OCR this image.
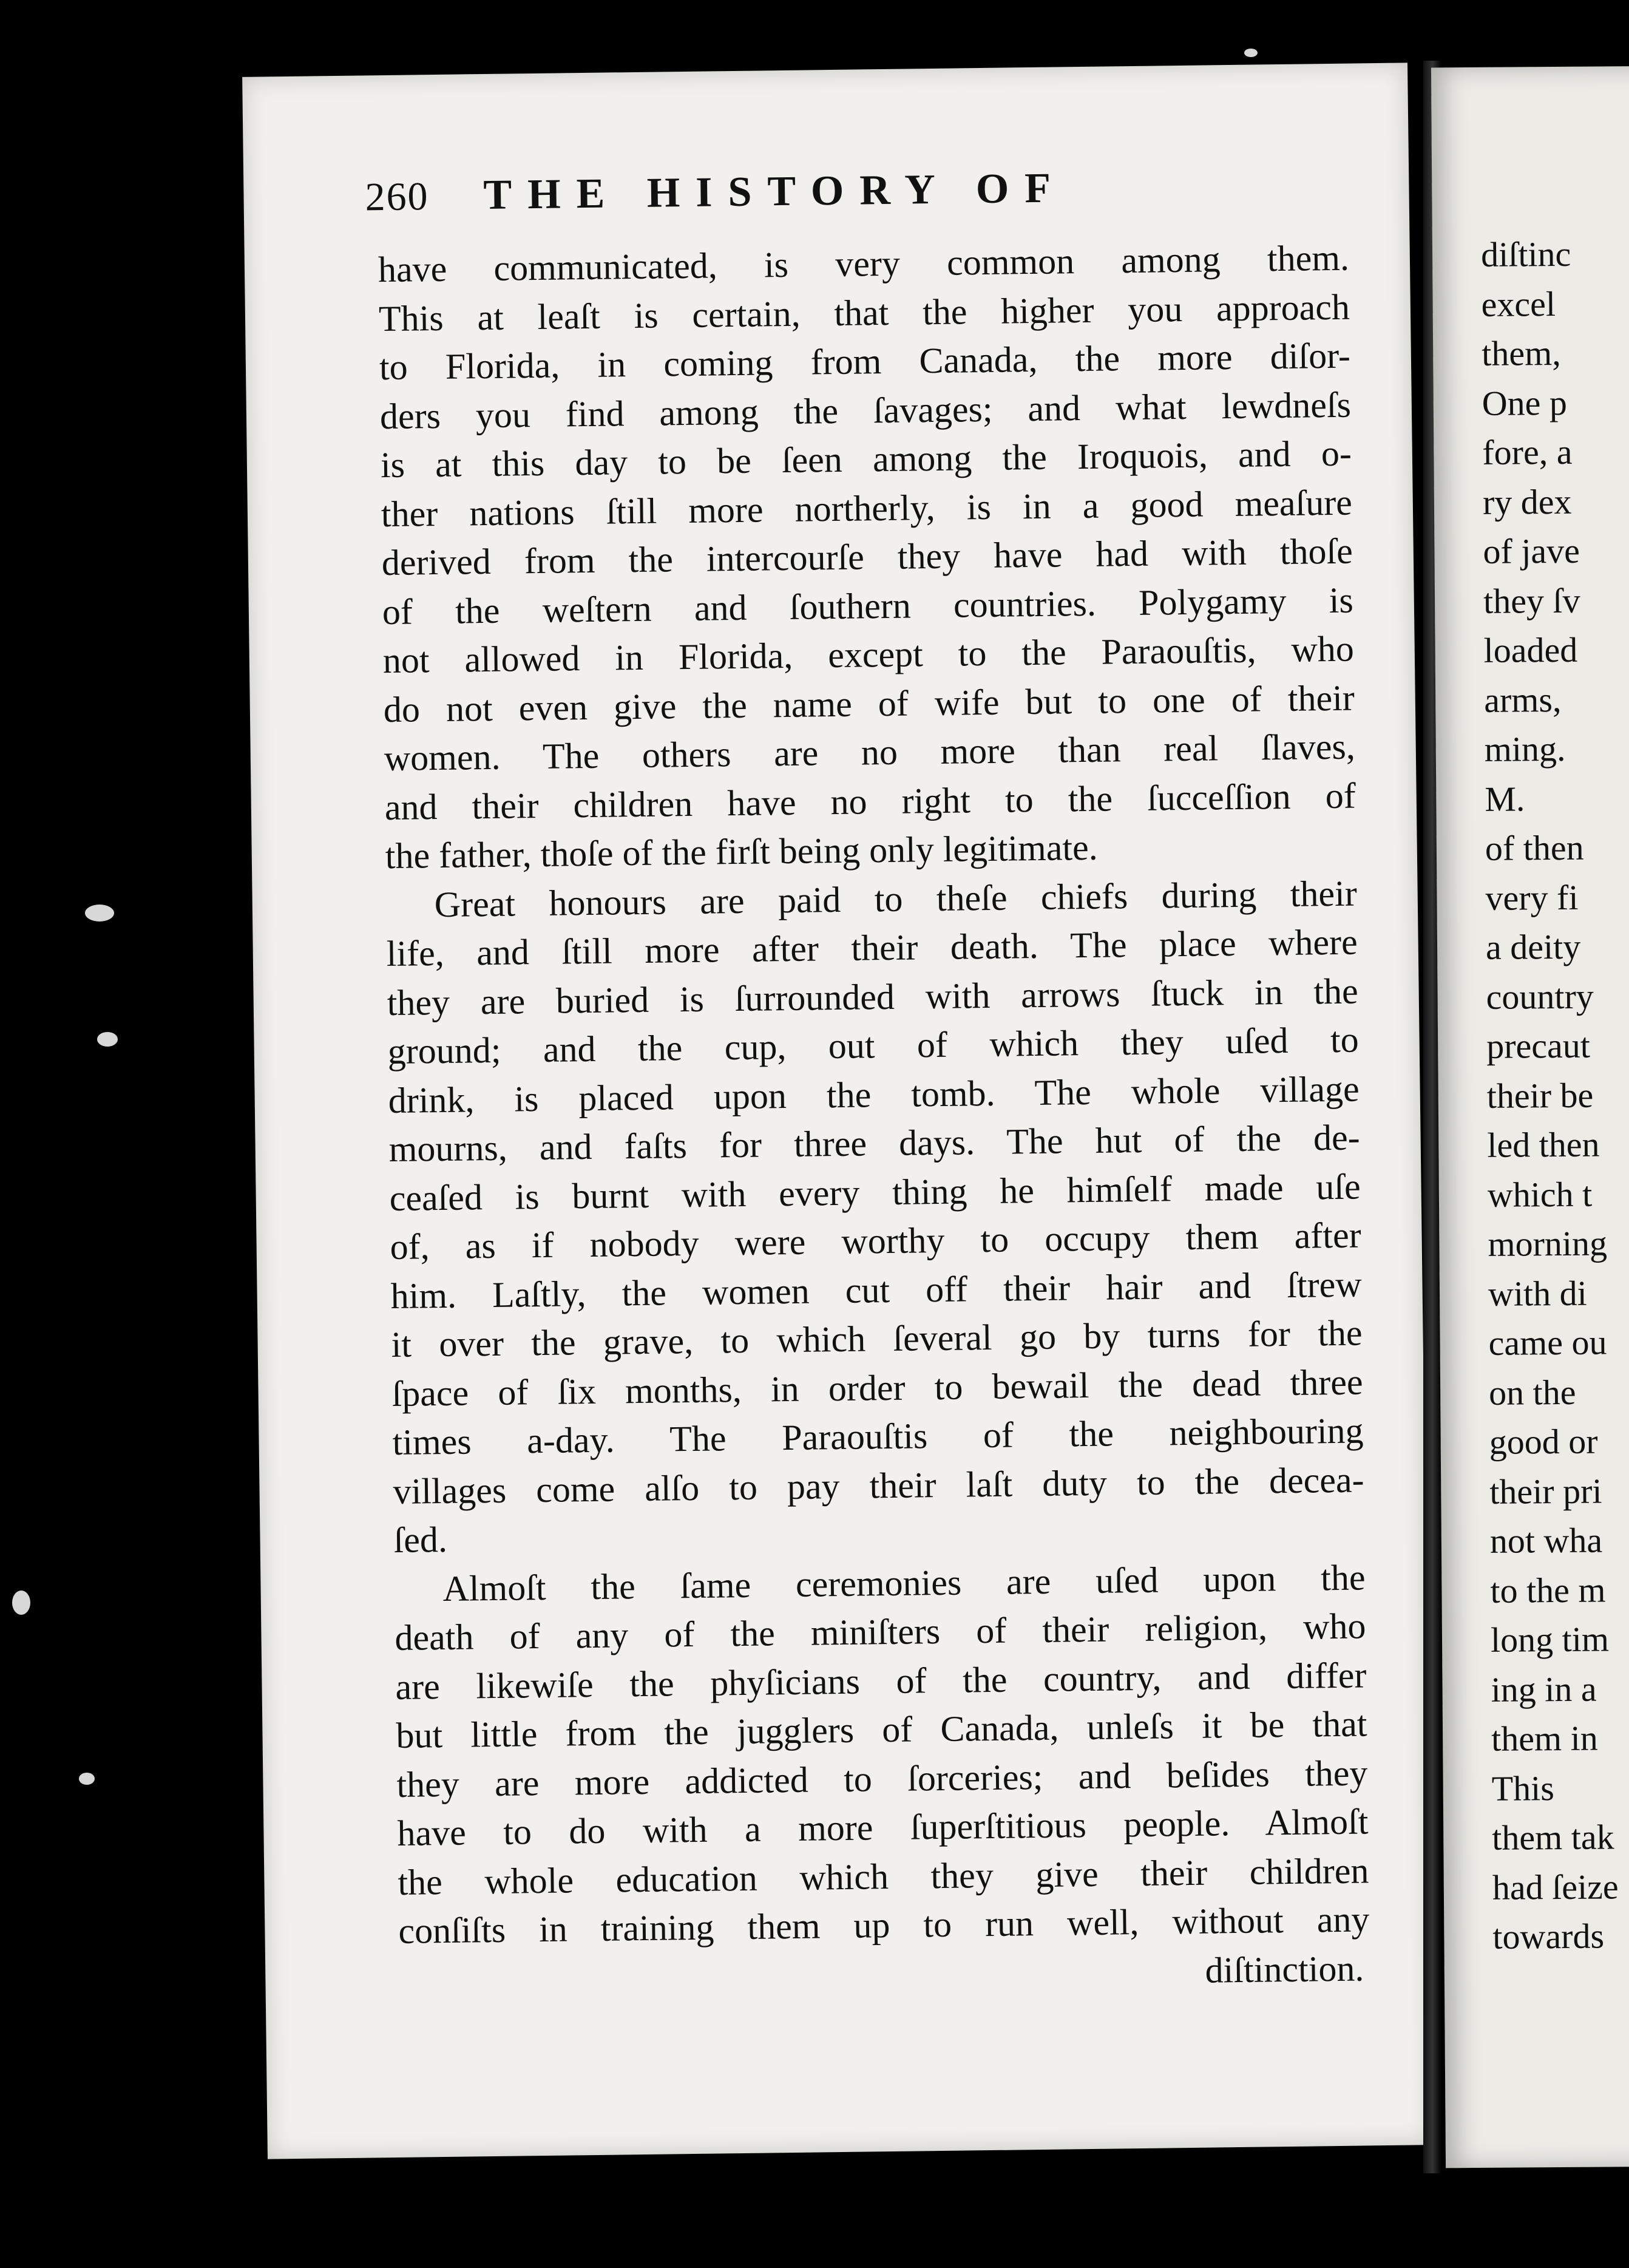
260 THE HISTORY OF

have communicated, is very common among them.
This at leaſt is certain, that the higher you approach
to Florida, in coming from Canada, the more diſor-
ders you find among the ſavages; and what lewdneſs
is at this day to be ſeen among the Iroquois, and o-
ther nations ſtill more northerly, is in a good meaſure
derived from the intercourſe they have had with thoſe
of the weſtern and ſouthern countries. Polygamy is
not allowed in Florida, except to the Paraouſtis, who
do not even give the name of wife but to one of their
women. The others are no more than real ſlaves,
and their children have no right to the ſucceſſion of
the father, thoſe of the firſt being only legitimate.

Great honours are paid to theſe chiefs during their
life, and ſtill more after their death. The place where
they are buried is ſurrounded with arrows ſtuck in the
ground; and the cup, out of which they uſed to
drink, is placed upon the tomb. The whole village
mourns, and faſts for three days. The hut of the de-
ceaſed is burnt with every thing he himſelf made uſe
of, as if nobody were worthy to occupy them after
him. Laſtly, the women cut off their hair and ſtrew
it over the grave, to which ſeveral go by turns for the
ſpace of ſix months, in order to bewail the dead three
times a-day. The Paraouſtis of the neighbouring
villages come alſo to pay their laſt duty to the decea-
ſed.

Almoſt the ſame ceremonies are uſed upon the
death of any of the miniſters of their religion, who
are likewiſe the phyſicians of the country, and differ
but little from the jugglers of Canada, unleſs it be that
they are more addicted to ſorceries; and beſides they
have to do with a more ſuperſtitious people. Almoſt
the whole education which they give their children
conſiſts in training them up to run well, without any

diſtinction.
diſtinc
excel
them,
One p
fore, a
ry dex
of jave
they ſv
loaded
arms,
ming.
M.
of then
very fi
a deity
country
precaut
their be
led then
which t
morning
with di
came ou
on the
good or
their pri
not wha
to the m
long tim
ing in a
them in
This
them tak
had ſeize
towards
